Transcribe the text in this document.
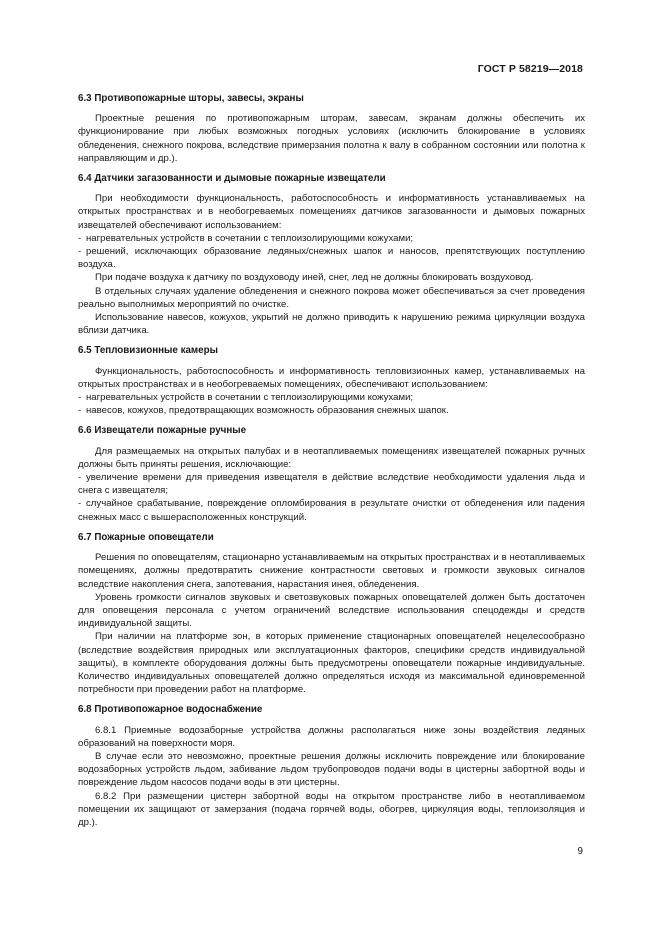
ГОСТ Р 58219—2018

6.3 Противопожарные шторы, завесы, экраны

Проектные решения по противопожарным шторам, завесам, экранам должны обеспечить их функционирование при любых возможных погодных условиях (исключить блокирование в условиях обледенения, снежного покрова, вследствие примерзания полотна к валу в собранном состоянии или полотна к направляющим и др.).

6.4 Датчики загазованности и дымовые пожарные извещатели

При необходимости функциональность, работоспособность и информативность устанавливаемых на открытых пространствах и в необогреваемых помещениях датчиков загазованности и дымовых пожарных извещателей обеспечивают использованием:

- нагревательных устройств в сочетании с теплоизолирующими кожухами;

- решений, исключающих образование ледяных/снежных шапок и наносов, препятствующих поступлению воздуха.

При подаче воздуха к датчику по воздуховоду иней, снег, лед не должны блокировать воздуховод.

В отдельных случаях удаление обледенения и снежного покрова может обеспечиваться за счет проведения реально выполнимых мероприятий по очистке.

Использование навесов, кожухов, укрытий не должно приводить к нарушению режима циркуляции воздуха вблизи датчика.

6.5 Тепловизионные камеры

Функциональность, работоспособность и информативность тепловизионных камер, устанавливаемых на открытых пространствах и в необогреваемых помещениях, обеспечивают использованием:

- нагревательных устройств в сочетании с теплоизолирующими кожухами;

- навесов, кожухов, предотвращающих возможность образования снежных шапок.

6.6 Извещатели пожарные ручные

Для размещаемых на открытых палубах и в неотапливаемых помещениях извещателей пожарных ручных должны быть приняты решения, исключающие:

- увеличение времени для приведения извещателя в действие вследствие необходимости удаления льда и снега с извещателя;

- случайное срабатывание, повреждение опломбирования в результате очистки от обледенения или падения снежных масс с вышерасположенных конструкций.

6.7 Пожарные оповещатели

Решения по оповещателям, стационарно устанавливаемым на открытых пространствах и в неотапливаемых помещениях, должны предотвратить снижение контрастности световых и громкости звуковых сигналов вследствие накопления снега, запотевания, нарастания инея, обледенения.

Уровень громкости сигналов звуковых и светозвуковых пожарных оповещателей должен быть достаточен для оповещения персонала с учетом ограничений вследствие использования спецодежды и средств индивидуальной защиты.

При наличии на платформе зон, в которых применение стационарных оповещателей нецелесообразно (вследствие воздействия природных или эксплуатационных факторов, специфики средств индивидуальной защиты), в комплекте оборудования должны быть предусмотрены оповещатели пожарные индивидуальные. Количество индивидуальных оповещателей должно определяться исходя из максимальной единовременной потребности при проведении работ на платформе.

6.8 Противопожарное водоснабжение

6.8.1 Приемные водозаборные устройства должны располагаться ниже зоны воздействия ледяных образований на поверхности моря.

В случае если это невозможно, проектные решения должны исключить повреждение или блокирование водозаборных устройств льдом, забивание льдом трубопроводов подачи воды в цистерны забортной воды и повреждение льдом насосов подачи воды в эти цистерны.

6.8.2 При размещении цистерн забортной воды на открытом пространстве либо в неотапливаемом помещении их защищают от замерзания (подача горячей воды, обогрев, циркуляция воды, теплоизоляция и др.).

9
